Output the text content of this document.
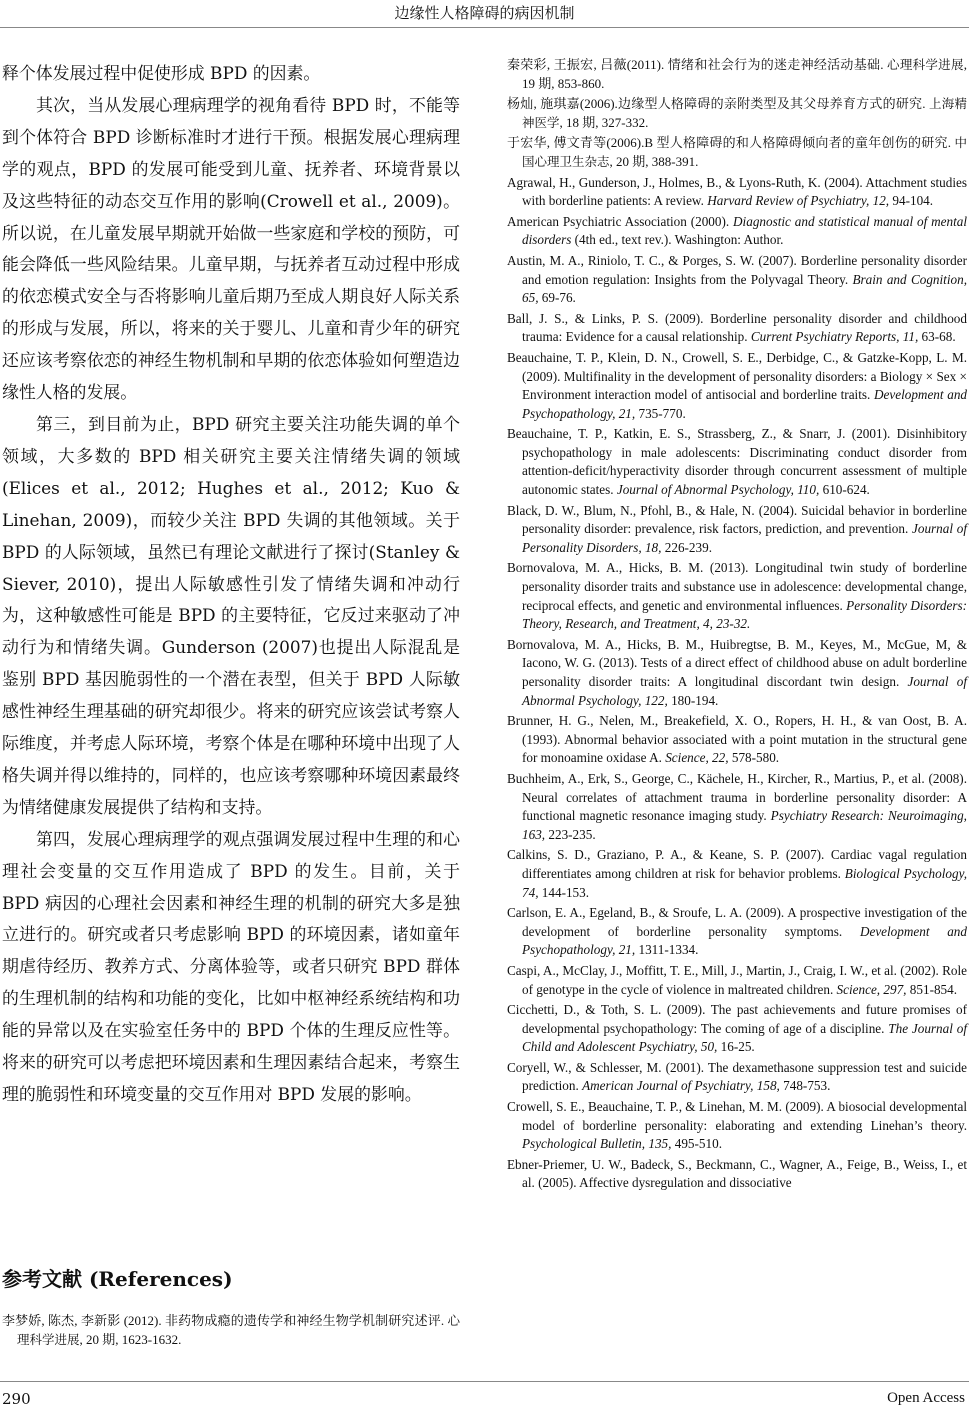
边缘性人格障碍的病因机制

释个体发展过程中促使形成 BPD 的因素。

其次，当从发展心理病理学的视角看待 BPD 时，不能等到个体符合 BPD 诊断标准时才进行干预。根据发展心理病理学的观点，BPD 的发展可能受到儿童、抚养者、环境背景以及这些特征的动态交互作用的影响(Crowell et al., 2009)。所以说，在儿童发展早期就开始做一些家庭和学校的预防，可能会降低一些风险结果。儿童早期，与抚养者互动过程中形成的依恋模式安全与否将影响儿童后期乃至成人期良好人际关系的形成与发展，所以，将来的关于婴儿、儿童和青少年的研究还应该考察依恋的神经生物机制和早期的依恋体验如何塑造边缘性人格的发展。

第三，到目前为止，BPD 研究主要关注功能失调的单个领域，大多数的 BPD 相关研究主要关注情绪失调的领域(Elices et al., 2012; Hughes et al., 2012; Kuo & Linehan, 2009)，而较少关注 BPD 失调的其他领域。关于 BPD 的人际领域，虽然已有理论文献进行了探讨(Stanley & Siever, 2010)，提出人际敏感性引发了情绪失调和冲动行为，这种敏感性可能是 BPD 的主要特征，它反过来驱动了冲动行为和情绪失调。Gunderson (2007)也提出人际混乱是鉴别 BPD 基因脆弱性的一个潜在表型，但关于 BPD 人际敏感性神经生理基础的研究却很少。将来的研究应该尝试考察人际维度，并考虑人际环境，考察个体是在哪种环境中出现了人格失调并得以维持的，同样的，也应该考察哪种环境因素最终为情绪健康发展提供了结构和支持。

第四，发展心理病理学的观点强调发展过程中生理的和心理社会变量的交互作用造成了 BPD 的发生。目前，关于 BPD 病因的心理社会因素和神经生理的机制的研究大多是独立进行的。研究或者只考虑影响 BPD 的环境因素，诸如童年期虐待经历、教养方式、分离体验等，或者只研究 BPD 群体的生理机制的结构和功能的变化，比如中枢神经系统结构和功能的异常以及在实验室任务中的 BPD 个体的生理反应性等。将来的研究可以考虑把环境因素和生理因素结合起来，考察生理的脆弱性和环境变量的交互作用对 BPD 发展的影响。

参考文献 (References)

李梦娇, 陈杰, 李新影 (2012). 非药物成瘾的遗传学和神经生物学机制研究述评. 心理科学进展, 20 期, 1623-1632.

秦荣彩, 王振宏, 吕薇(2011). 情绪和社会行为的迷走神经活动基础. 心理科学进展, 19 期, 853-860.

杨灿, 施琪嘉(2006).边缘型人格障碍的亲附类型及其父母养育方式的研究. 上海精神医学, 18 期, 327-332.

于宏华, 傅文青等(2006).B 型人格障碍的和人格障碍倾向者的童年创伤的研究. 中国心理卫生杂志, 20 期, 388-391.

Agrawal, H., Gunderson, J., Holmes, B., & Lyons-Ruth, K. (2004). Attachment studies with borderline patients: A review. Harvard Review of Psychiatry, 12, 94-104.

American Psychiatric Association (2000). Diagnostic and statistical manual of mental disorders (4th ed., text rev.). Washington: Author.

Austin, M. A., Riniolo, T. C., & Porges, S. W. (2007). Borderline personality disorder and emotion regulation: Insights from the Polyvagal Theory. Brain and Cognition, 65, 69-76.

Ball, J. S., & Links, P. S. (2009). Borderline personality disorder and childhood trauma: Evidence for a causal relationship. Current Psychiatry Reports, 11, 63-68.

Beauchaine, T. P., Klein, D. N., Crowell, S. E., Derbidge, C., & Gatzke-Kopp, L. M. (2009). Multifinality in the development of personality disorders: a Biology × Sex × Environment interaction model of antisocial and borderline traits. Development and Psychopathology, 21, 735-770.

Beauchaine, T. P., Katkin, E. S., Strassberg, Z., & Snarr, J. (2001). Disinhibitory psychopathology in male adolescents: Discriminating conduct disorder from attention-deficit/hyperactivity disorder through concurrent assessment of multiple autonomic states. Journal of Abnormal Psychology, 110, 610-624.

Black, D. W., Blum, N., Pfohl, B., & Hale, N. (2004). Suicidal behavior in borderline personality disorder: prevalence, risk factors, prediction, and prevention. Journal of Personality Disorders, 18, 226-239.

Bornovalova, M. A., Hicks, B. M. (2013). Longitudinal twin study of borderline personality disorder traits and substance use in adolescence: developmental change, reciprocal effects, and genetic and environmental influences. Personality Disorders: Theory, Research, and Treatment, 4, 23-32.

Bornovalova, M. A., Hicks, B. M., Huibregtse, B. M., Keyes, M., McGue, M, & Iacono, W. G. (2013). Tests of a direct effect of childhood abuse on adult borderline personality disorder traits: A longitudinal discordant twin design. Journal of Abnormal Psychology, 122, 180-194.

Brunner, H. G., Nelen, M., Breakefield, X. O., Ropers, H. H., & van Oost, B. A. (1993). Abnormal behavior associated with a point mutation in the structural gene for monoamine oxidase A. Science, 22, 578-580.

Buchheim, A., Erk, S., George, C., Kächele, H., Kircher, R., Martius, P., et al. (2008). Neural correlates of attachment trauma in borderline personality disorder: A functional magnetic resonance imaging study. Psychiatry Research: Neuroimaging, 163, 223-235.

Calkins, S. D., Graziano, P. A., & Keane, S. P. (2007). Cardiac vagal regulation differentiates among children at risk for behavior problems. Biological Psychology, 74, 144-153.

Carlson, E. A., Egeland, B., & Sroufe, L. A. (2009). A prospective investigation of the development of borderline personality symptoms. Development and Psychopathology, 21, 1311-1334.

Caspi, A., McClay, J., Moffitt, T. E., Mill, J., Martin, J., Craig, I. W., et al. (2002). Role of genotype in the cycle of violence in maltreated children. Science, 297, 851-854.

Cicchetti, D., & Toth, S. L. (2009). The past achievements and future promises of developmental psychopathology: The coming of age of a discipline. The Journal of Child and Adolescent Psychiatry, 50, 16-25.

Coryell, W., & Schlesser, M. (2001). The dexamethasone suppression test and suicide prediction. American Journal of Psychiatry, 158, 748-753.

Crowell, S. E., Beauchaine, T. P., & Linehan, M. M. (2009). A biosocial developmental model of borderline personality: elaborating and extending Linehan’s theory. Psychological Bulletin, 135, 495-510.

Ebner-Priemer, U. W., Badeck, S., Beckmann, C., Wagner, A., Feige, B., Weiss, I., et al. (2005). Affective dysregulation and dissociative

290	Open Access
